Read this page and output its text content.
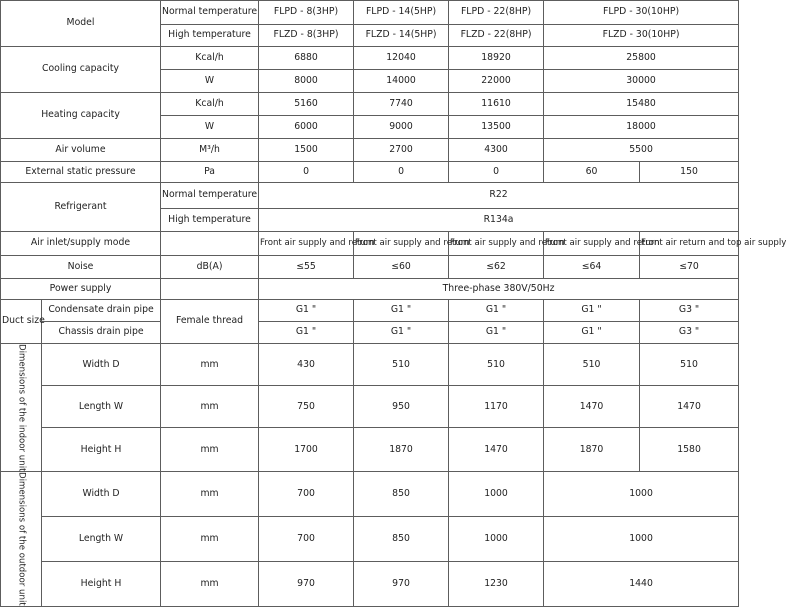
Model		Normal temperature	FLPD - 8(3HP)	FLPD - 14(5HP)	FLPD - 22(8HP)	FLPD - 30(10HP)	
		High temperature	FLZD - 8(3HP)	FLZD - 14(5HP)	FLZD - 22(8HP)	FLZD - 30(10HP)	
Cooling capacity		Kcal/h	6880	12040	18920	25800	
		W	8000	14000	22000	30000	
Heating capacity		Kcal/h	5160	7740	11610	15480	
		W	6000	9000	13500	18000	
Air volume		M³/h	1500	2700	4300	5500	
External static pressure		Pa	0	0	0	60	150
Refrigerant		Normal temperature	R22				
		High temperature	R134a				
Air inlet/supply mode			Front air supply and return	Front air supply and return	Front air supply and return	Front air supply and return	Front air return and top air supply
Noise		dB(A)	≤55	≤60	≤62	≤64	≤70
Power supply			Three-phase 380V/50Hz				
Duct size	Condensate drain pipe	Female thread	G1 "	G1 "	G1 "	G1 "	G3 "
	Chassis drain pipe		G1 "	G1 "	G1 "	G1 "	G3 "
Dimensions of the indoor unit	Width D	mm	430	510	510	510	510
	Length W	mm	750	950	1170	1470	1470
	Height H	mm	1700	1870	1470	1870	1580
Dimensions of the outdoor unit	Width D	mm	700	850	1000	1000	
	Length W	mm	700	850	1000	1000	
	Height H	mm	970	970	1230	1440	
